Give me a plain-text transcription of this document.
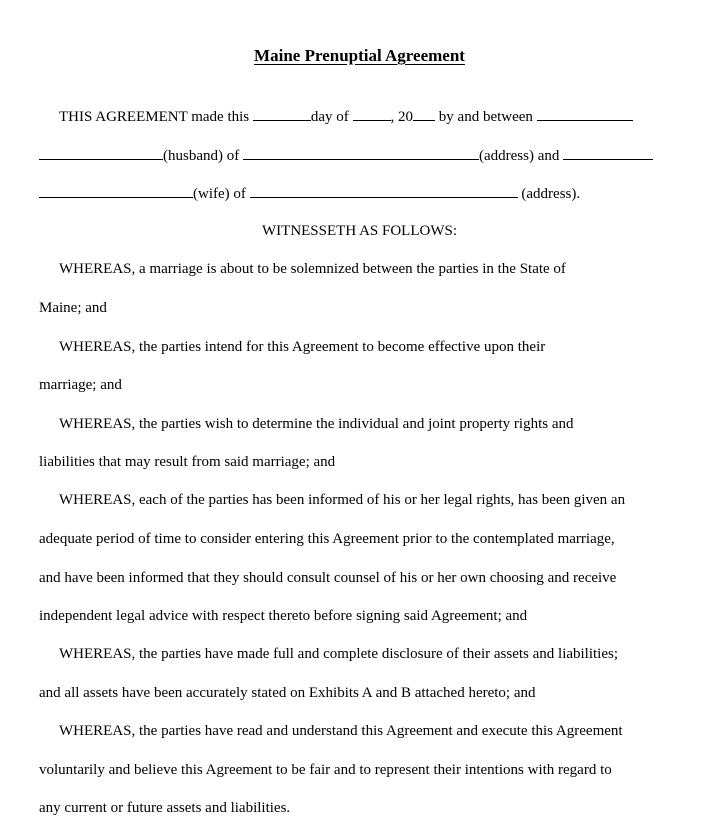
Maine Prenuptial Agreement
THIS AGREEMENT made this	day of	, 20 by and between
(husband) of	(address) and
(wife) of	(address).
WITNESSETH AS FOLLOWS:
WHEREAS, a marriage is about to be solemnized between the parties in the State of
Maine; and
WHEREAS, the parties intend for this Agreement to become effective upon their
marriage; and
WHEREAS, the parties wish to determine the individual and joint property rights and
liabilities that may result from said marriage; and
WHEREAS, each of the parties has been informed of his or her legal rights, has been given an
adequate period of time to consider entering this Agreement prior to the contemplated marriage,
and have been informed that they should consult counsel of his or her own choosing and receive
independent legal advice with respect thereto before signing said Agreement; and
WHEREAS, the parties have made full and complete disclosure of their assets and liabilities;
and all assets have been accurately stated on Exhibits A and B attached hereto; and
WHEREAS, the parties have read and understand this Agreement and execute this Agreement
voluntarily and believe this Agreement to be fair and to represent their intentions with regard to
any current or future assets and liabilities.
